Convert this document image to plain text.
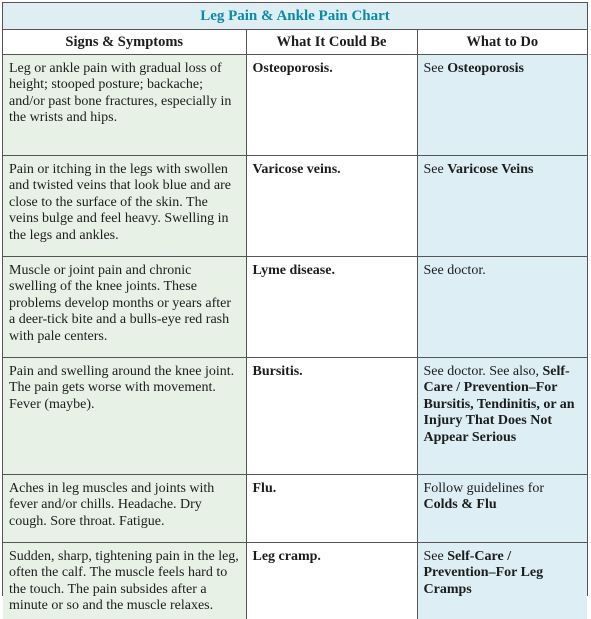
Leg Pain & Ankle Pain Chart
Signs & Symptoms	What It Could Be	What to Do
Leg or ankle pain with gradual loss of height; stooped posture; backache; and/or past bone fractures, especially in the wrists and hips.	Osteoporosis.	See Osteoporosis
Pain or itching in the legs with swollen and twisted veins that look blue and are close to the surface of the skin. The veins bulge and feel heavy. Swelling in the legs and ankles.	Varicose veins.	See Varicose Veins
Muscle or joint pain and chronic swelling of the knee joints. These problems develop months or years after a deer-tick bite and a bulls-eye red rash with pale centers.	Lyme disease.	See doctor.
Pain and swelling around the knee joint. The pain gets worse with movement. Fever (maybe).	Bursitis.	See doctor. See also, Self-Care / Prevention–For Bursitis, Tendinitis, or an Injury That Does Not Appear Serious
Aches in leg muscles and joints with fever and/or chills. Headache. Dry cough. Sore throat. Fatigue.	Flu.	Follow guidelines for Colds & Flu
Sudden, sharp, tightening pain in the leg, often the calf. The muscle feels hard to the touch. The pain subsides after a minute or so and the muscle relaxes.	Leg cramp.	See Self-Care / Prevention–For Leg Cramps
